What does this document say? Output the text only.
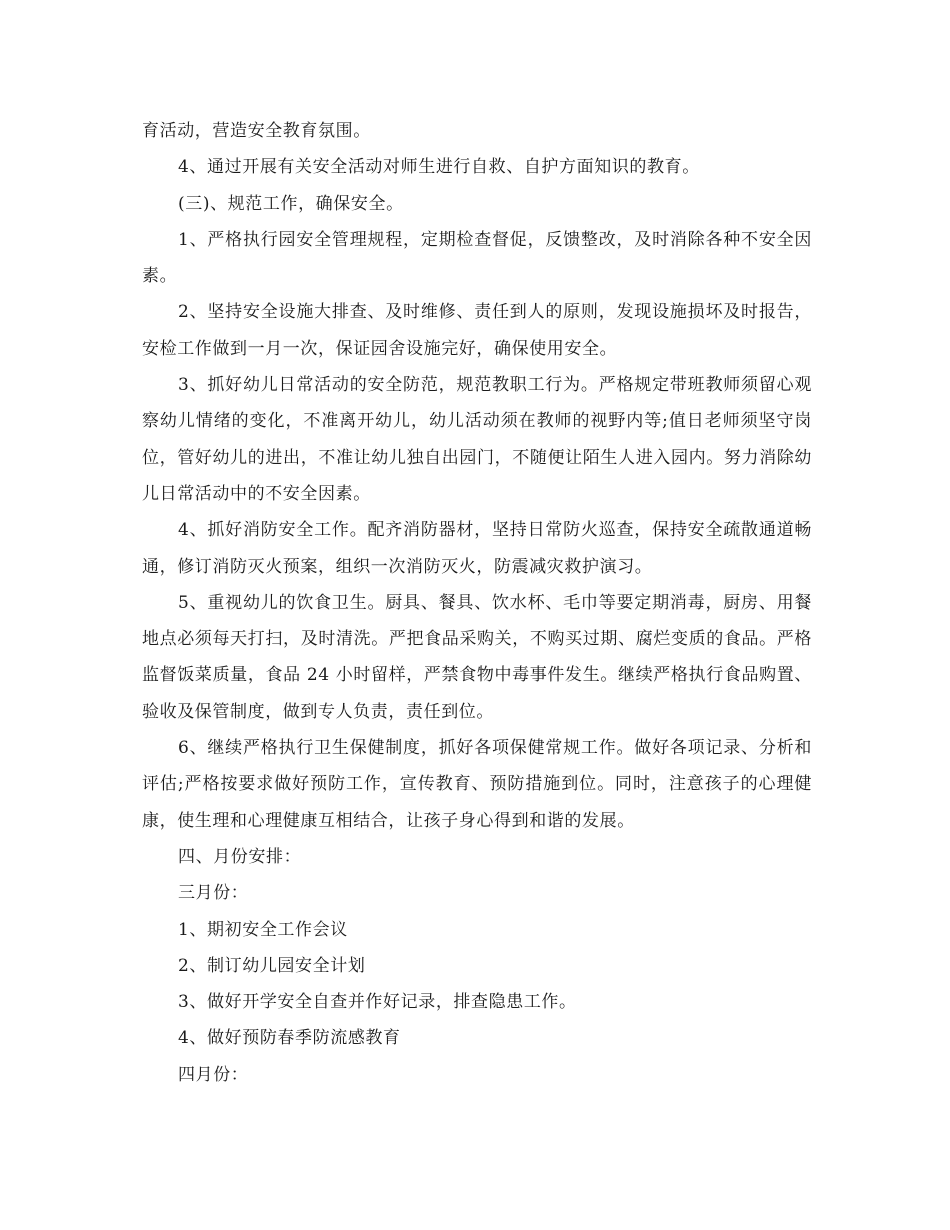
育活动，营造安全教育氛围。

4、通过开展有关安全活动对师生进行自救、自护方面知识的教育。

(三)、规范工作，确保安全。

1、严格执行园安全管理规程，定期检查督促，反馈整改，及时消除各种不安全因素。

2、坚持安全设施大排查、及时维修、责任到人的原则，发现设施损坏及时报告，安检工作做到一月一次，保证园舍设施完好，确保使用安全。

3、抓好幼儿日常活动的安全防范，规范教职工行为。严格规定带班教师须留心观察幼儿情绪的变化，不准离开幼儿，幼儿活动须在教师的视野内等;值日老师须坚守岗位，管好幼儿的进出，不准让幼儿独自出园门，不随便让陌生人进入园内。努力消除幼儿日常活动中的不安全因素。

4、抓好消防安全工作。配齐消防器材，坚持日常防火巡查，保持安全疏散通道畅通，修订消防灭火预案，组织一次消防灭火，防震减灾救护演习。

5、重视幼儿的饮食卫生。厨具、餐具、饮水杯、毛巾等要定期消毒，厨房、用餐地点必须每天打扫，及时清洗。严把食品采购关，不购买过期、腐烂变质的食品。严格监督饭菜质量，食品 24 小时留样，严禁食物中毒事件发生。继续严格执行食品购置、验收及保管制度，做到专人负责，责任到位。

6、继续严格执行卫生保健制度，抓好各项保健常规工作。做好各项记录、分析和评估;严格按要求做好预防工作，宣传教育、预防措施到位。同时，注意孩子的心理健康，使生理和心理健康互相结合，让孩子身心得到和谐的发展。

四、月份安排：

三月份：

1、期初安全工作会议

2、制订幼儿园安全计划

3、做好开学安全自查并作好记录，排查隐患工作。

4、做好预防春季防流感教育

四月份：
